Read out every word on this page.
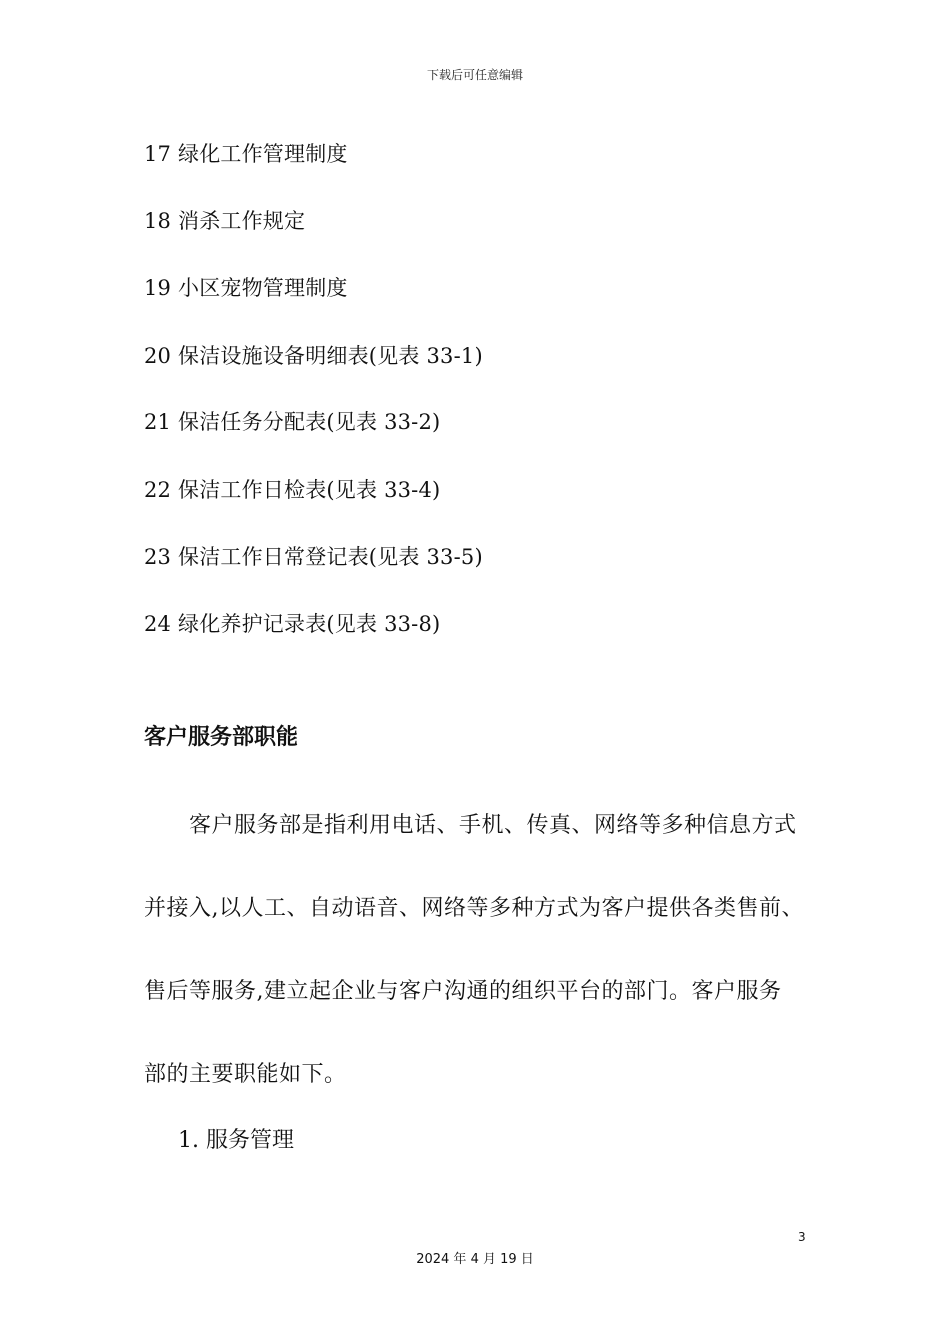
下载后可任意编辑
17 绿化工作管理制度
18 消杀工作规定
19 小区宠物管理制度
20 保洁设施设备明细表(见表 33-1)
21 保洁任务分配表(见表 33-2)
22 保洁工作日检表(见表 33-4)
23 保洁工作日常登记表(见表 33-5)
24 绿化养护记录表(见表 33-8)
客户服务部职能
　　客户服务部是指利用电话、手机、传真、网络等多种信息方式
并接入,以人工、自动语音、网络等多种方式为客户提供各类售前、
售后等服务,建立起企业与客户沟通的组织平台的部门。客户服务
部的主要职能如下。
1. 服务管理
3
2024 年 4 月 19 日
